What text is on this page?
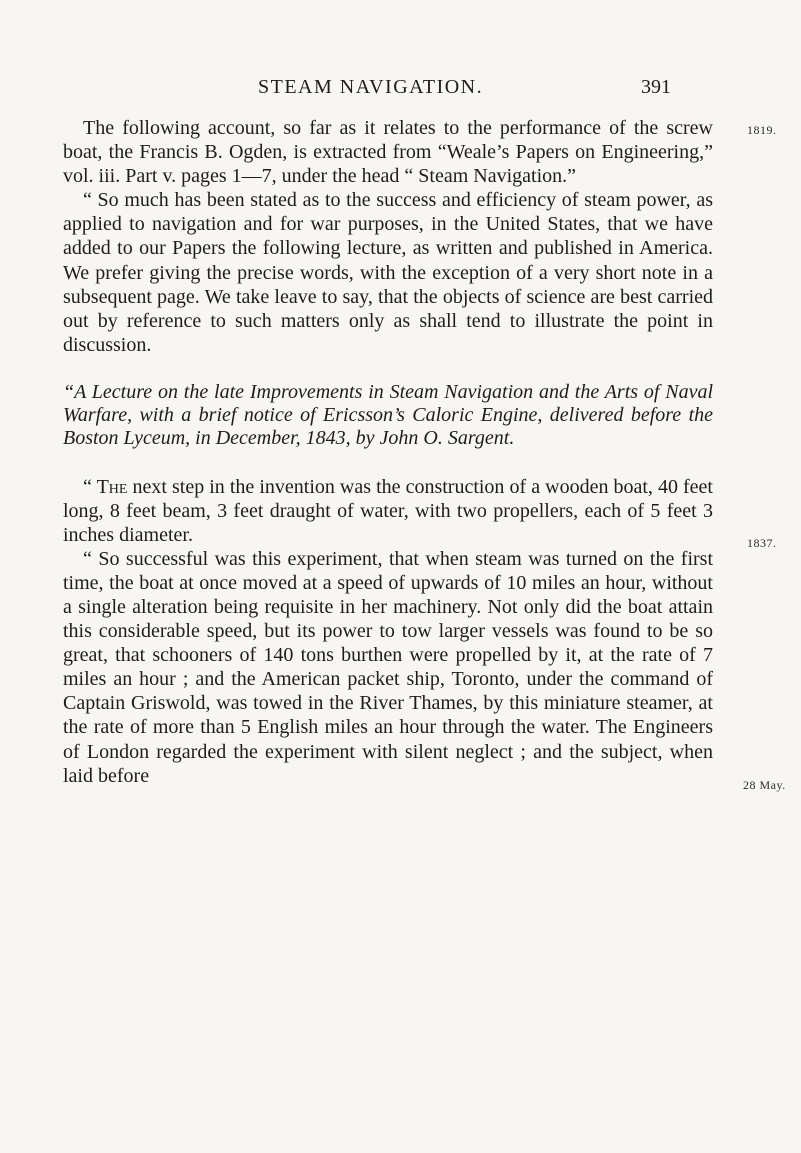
STEAM NAVIGATION.	391
1819.
1837.
28 May.

The following account, so far as it relates to the performance of the screw boat, the Francis B. Ogden, is extracted from “Weale’s Papers on Engineering,” vol. iii. Part v. pages 1—7, under the head “ Steam Navigation.”

“ So much has been stated as to the success and efficiency of steam power, as applied to navigation and for war purposes, in the United States, that we have added to our Papers the following lecture, as written and published in America. We prefer giving the precise words, with the exception of a very short note in a subsequent page. We take leave to say, that the objects of science are best carried out by reference to such matters only as shall tend to illustrate the point in discussion.

“A Lecture on the late Improvements in Steam Navigation and the Arts of Naval Warfare, with a brief notice of Ericsson’s Caloric Engine, delivered before the Boston Lyceum, in December, 1843, by John O. Sargent.

“ The next step in the invention was the construction of a wooden boat, 40 feet long, 8 feet beam, 3 feet draught of water, with two propellers, each of 5 feet 3 inches diameter.

“ So successful was this experiment, that when steam was turned on the first time, the boat at once moved at a speed of upwards of 10 miles an hour, without a single alteration being requisite in her machinery. Not only did the boat attain this considerable speed, but its power to tow larger vessels was found to be so great, that schooners of 140 tons burthen were propelled by it, at the rate of 7 miles an hour ; and the American packet ship, Toronto, under the command of Captain Griswold, was towed in the River Thames, by this miniature steamer, at the rate of more than 5 English miles an hour through the water. The Engineers of London regarded the experiment with silent neglect ; and the subject, when laid before
